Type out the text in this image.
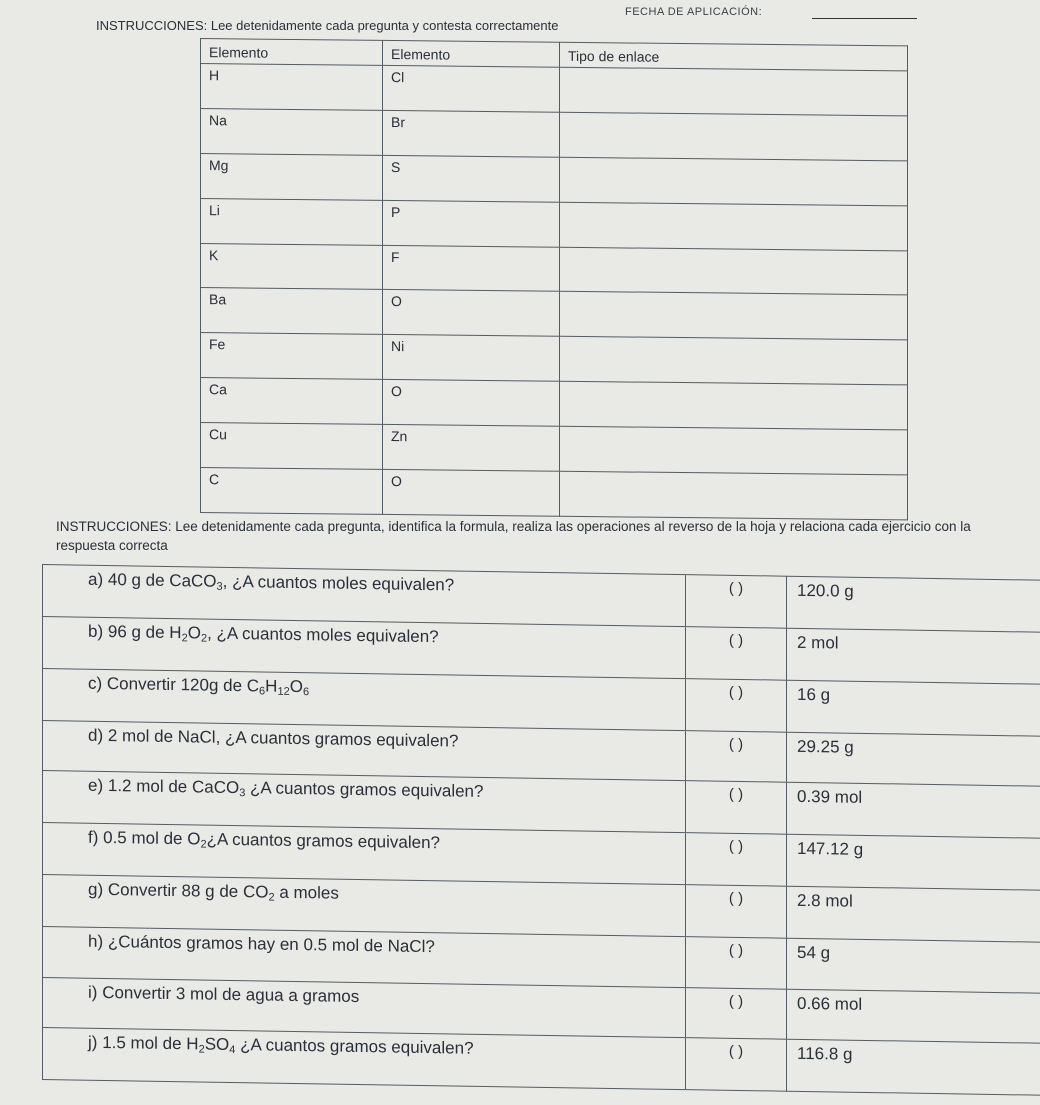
FECHA DE APLICACIÓN:
INSTRUCCIONES: Lee detenidamente cada pregunta y contesta correctamente
Elemento	Elemento	Tipo de enlace
H	Cl	
Na	Br	
Mg	S	
Li	P	
K	F	
Ba	O	
Fe	Ni	
Ca	O	
Cu	Zn	
C	O	
INSTRUCCIONES: Lee detenidamente cada pregunta, identifica la formula, realiza las operaciones al reverso de la hoja y relaciona cada ejercicio con la respuesta correcta
a) 40 g de CaCO$_3$, ¿A cuantos moles equivalen?	( )	120.0 g
b) 96 g de $H_2O_2$, ¿A cuantos moles equivalen?	( )	2 mol
c) Convertir 120g de $C_6H_{12}O_6$	( )	16 g
d) 2 mol de NaCl, ¿A cuantos gramos equivalen?	( )	29.25 g
e) 1.2 mol de CaCO$_3$ ¿A cuantos gramos equivalen?	( )	0.39 mol
f) 0.5 mol de $O_2¿A$ cuantos gramos equivalen?	( )	147.12 g
g) Convertir 88 g de $CO_2$ a moles	( )	2.8 mol
h) ¿Cuántos gramos hay en 0.5 mol de NaCl?	( )	54 g
i) Convertir 3 mol de agua a gramos	( )	0.66 mol
j) 1.5 mol de $H_2SO_4$ ¿A cuantos gramos equivalen?	( )	116.8 g
